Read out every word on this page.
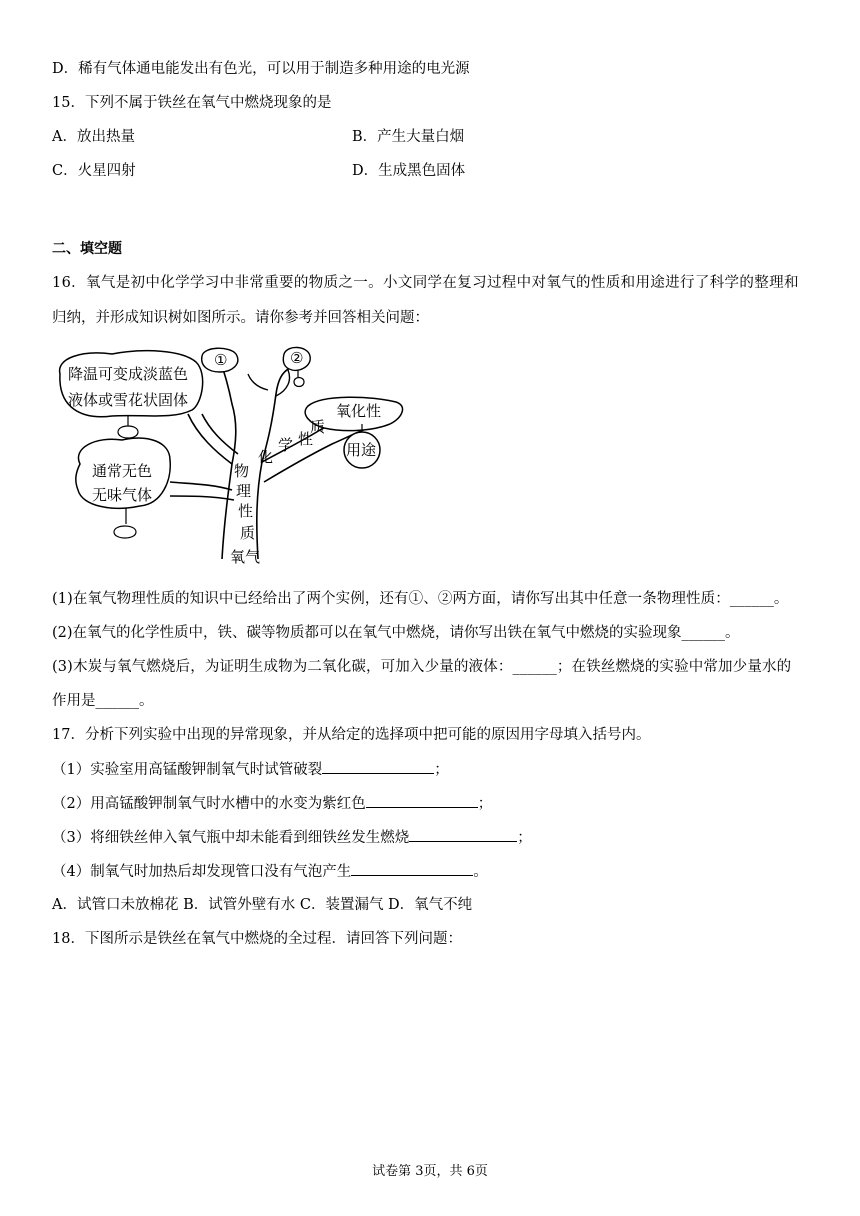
D．稀有气体通电能发出有色光，可以用于制造多种用途的电光源
15．下列不属于铁丝在氧气中燃烧现象的是
A．放出热量	B．产生大量白烟
C．火星四射	D．生成黑色固体
二、填空题
16．氧气是初中化学学习中非常重要的物质之一。小文同学在复习过程中对氧气的性质和用途进行了科学的整理和
归纳，并形成知识树如图所示。请你参考并回答相关问题：
降温可变成淡蓝色
液体或雪花状固体
通常无色
无味气体
①	②
氧化性
质
性
学
化	用途
物
理
性
质
氧气
(1)在氧气物理性质的知识中已经给出了两个实例，还有①、②两方面，请你写出其中任意一条物理性质：______。
(2)在氧气的化学性质中，铁、碳等物质都可以在氧气中燃烧，请你写出铁在氧气中燃烧的实验现象______。
(3)木炭与氧气燃烧后，为证明生成物为二氧化碳，可加入少量的液体：______；在铁丝燃烧的实验中常加少量水的
作用是______。
17．分析下列实验中出现的异常现象，并从给定的选择项中把可能的原因用字母填入括号内。
（1）实验室用高锰酸钾制氧气时试管破裂	；
（2）用高锰酸钾制氧气时水槽中的水变为紫红色	；
（3）将细铁丝伸入氧气瓶中却未能看到细铁丝发生燃烧	；
（4）制氧气时加热后却发现管口没有气泡产生	。
A．试管口未放棉花 B．试管外壁有水 C．装置漏气 D．氧气不纯
18．下图所示是铁丝在氧气中燃烧的全过程．请回答下列问题：
试卷第 3页，共 6页
